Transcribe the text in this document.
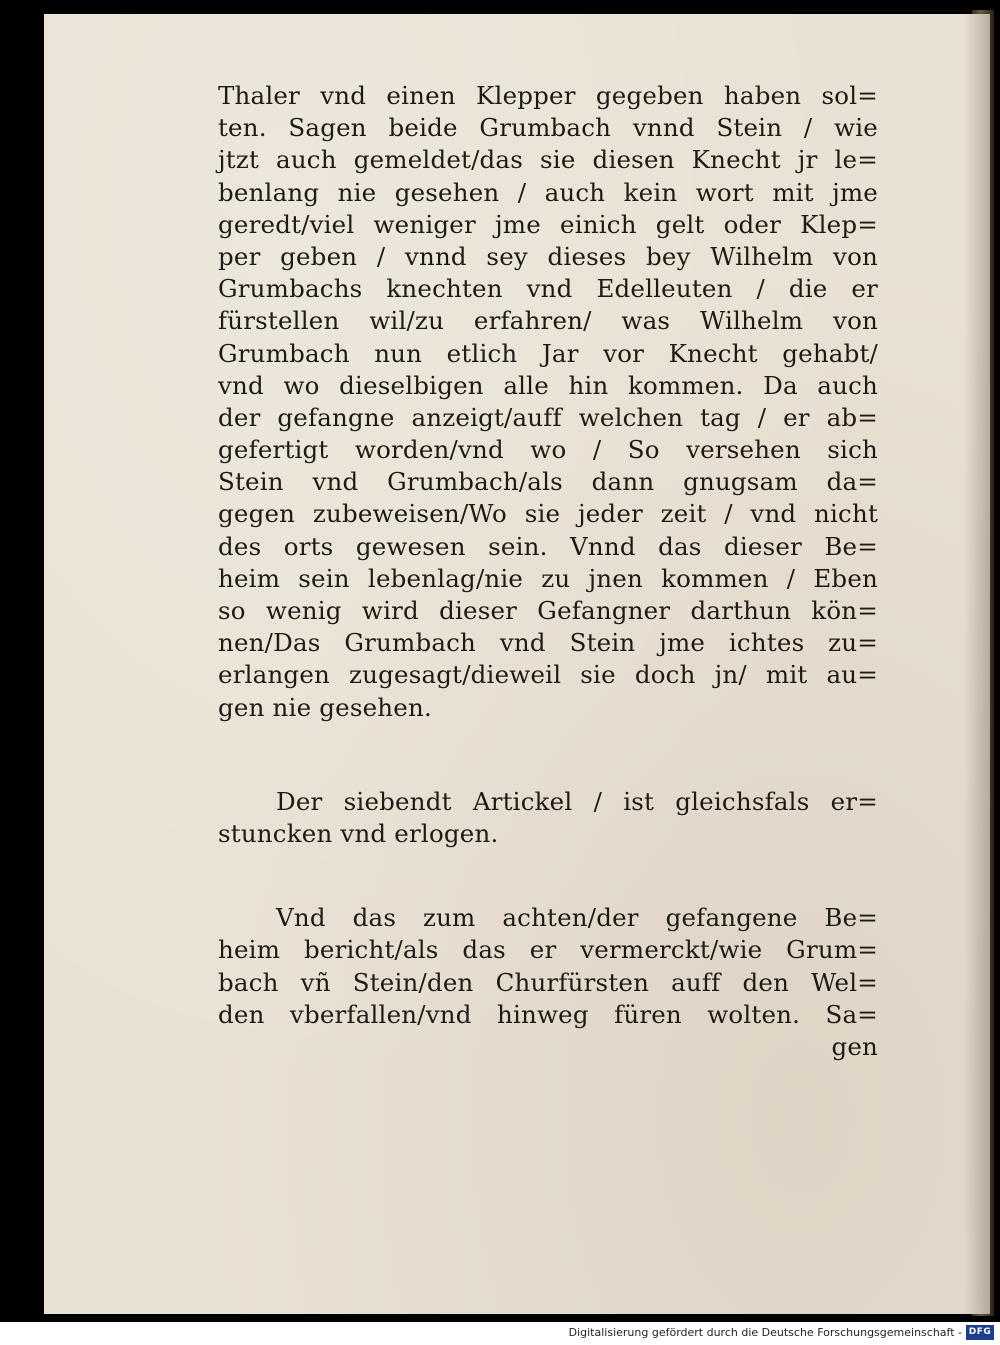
Thaler vnd einen Klepper gegeben haben sol=
ten. Sagen beide Grumbach vnnd Stein / wie
jtzt auch gemeldet/das sie diesen Knecht jr le=
benlang nie gesehen / auch kein wort mit jme
geredt/viel weniger jme einich gelt oder Klep=
per geben / vnnd sey dieses bey Wilhelm von
Grumbachs knechten vnd Edelleuten / die er
fürstellen wil/zu erfahren/ was Wilhelm von
Grumbach nun etlich Jar vor Knecht gehabt/
vnd wo dieselbigen alle hin kommen. Da auch
der gefangne anzeigt/auff welchen tag / er ab=
gefertigt worden/vnd wo / So versehen sich
Stein vnd Grumbach/als dann gnugsam da=
gegen zubeweisen/Wo sie jeder zeit / vnd nicht
des orts gewesen sein. Vnnd das dieser Be=
heim sein lebenlag/nie zu jnen kommen / Eben
so wenig wird dieser Gefangner darthun kön=
nen/Das Grumbach vnd Stein jme ichtes zu=
erlangen zugesagt/dieweil sie doch jn/ mit au=
gen nie gesehen.
Der siebendt Artickel / ist gleichsfals er=
stuncken vnd erlogen.
Vnd das zum achten/der gefangene Be=
heim bericht/als das er vermerckt/wie Grum=
bach vñ Stein/den Churfürsten auff den Wel=
den vberfallen/vnd hinweg füren wolten. Sa=
gen
Digitalisierung gefördert durch die Deutsche Forschungsgemeinschaft - DFG
